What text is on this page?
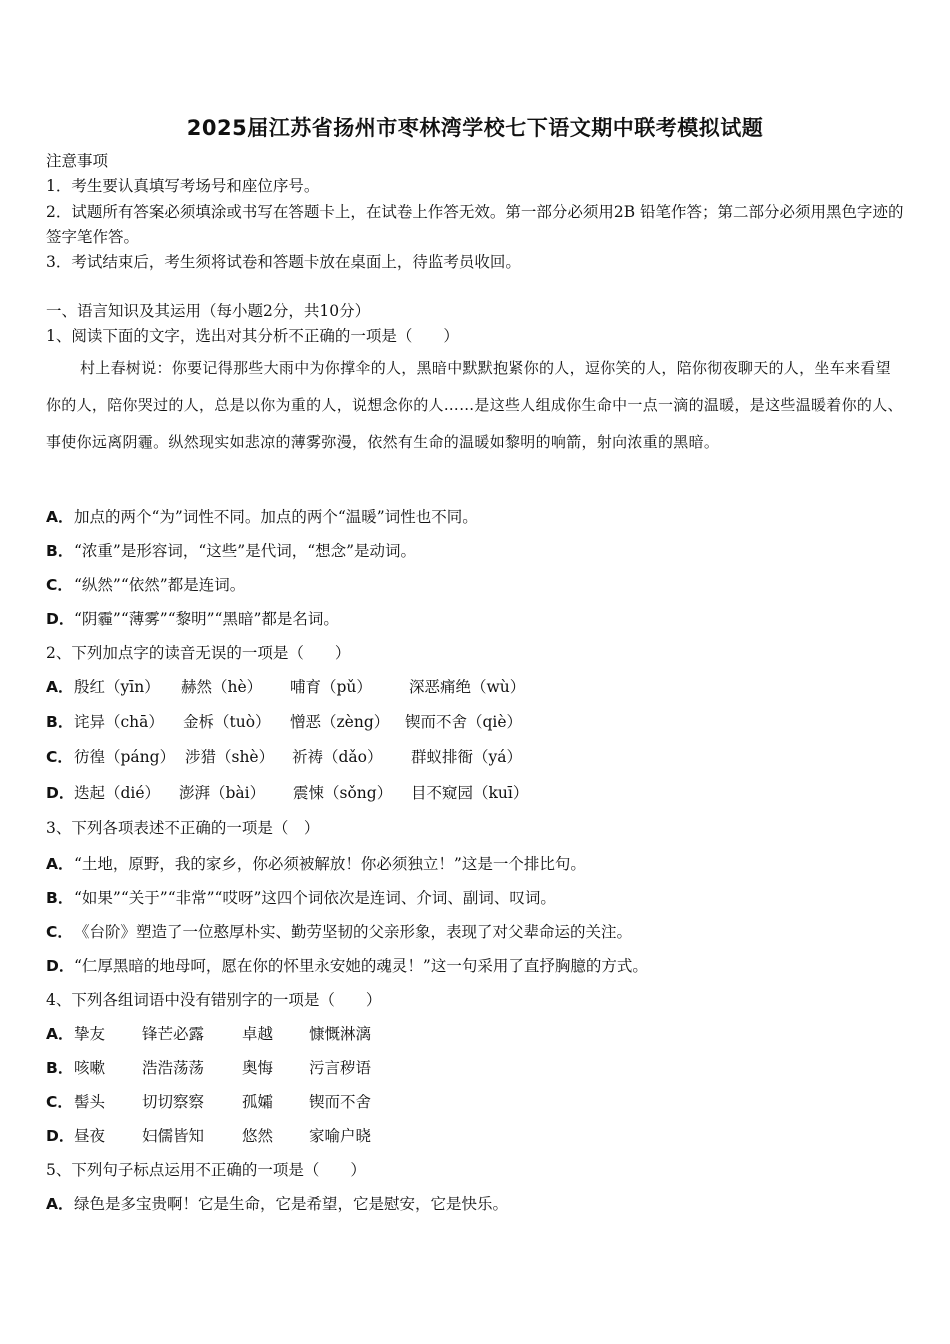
2025届江苏省扬州市枣林湾学校七下语文期中联考模拟试题
注意事项
1．考生要认真填写考场号和座位序号。
2．试题所有答案必须填涂或书写在答题卡上，在试卷上作答无效。第一部分必须用2B 铅笔作答；第二部分必须用黑色字迹的签字笔作答。
3．考试结束后，考生须将试卷和答题卡放在桌面上，待监考员收回。
一、语言知识及其运用（每小题2分，共10分）
1、阅读下面的文字，选出对其分析不正确的一项是（　　）
村上春树说：你要记得那些大雨中为你撑伞的人，黑暗中默默抱紧你的人，逗你笑的人，陪你彻夜聊天的人，坐车来看望你的人，陪你哭过的人，总是以你为重的人，说想念你的人……是这些人组成你生命中一点一滴的温暖，是这些温暖着你的人、事使你远离阴霾。纵然现实如悲凉的薄雾弥漫，依然有生命的温暖如黎明的响箭，射向浓重的黑暗。
A．加点的两个“为”词性不同。加点的两个“温暖”词性也不同。
B．“浓重”是形容词，“这些”是代词，“想念”是动词。
C．“纵然”“依然”都是连词。
D．“阴霾”“薄雾”“黎明”“黑暗”都是名词。
2、下列加点字的读音无误的一项是（　　）
A．殷红（yīn） 赫然（hè） 哺育（pǔ） 深恶痛绝（wù）
B．诧异（chā） 金柝（tuò） 憎恶（zèng） 锲而不舍（qiè）
C．彷徨（páng） 涉猎（shè） 祈祷（dǎo） 群蚁排衙（yá）
D．迭起（dié） 澎湃（bài） 震悚（sǒng） 目不窥园（kuī）
3、下列各项表述不正确的一项是（　）
A．“土地，原野，我的家乡，你必须被解放！你必须独立！”这是一个排比句。
B．“如果”“关于”“非常”“哎呀”这四个词依次是连词、介词、副词、叹词。
C．《台阶》塑造了一位憨厚朴实、勤劳坚韧的父亲形象，表现了对父辈命运的关注。
D．“仁厚黑暗的地母呵，愿在你的怀里永安她的魂灵！”这一句采用了直抒胸臆的方式。
4、下列各组词语中没有错别字的一项是（　　）
A．挚友 锋芒必露 卓越 慷慨淋漓
B．咳嗽 浩浩荡荡 奥悔 污言秽语
C．髻头 切切察察 孤孀 锲而不舍
D．昼夜 妇儒皆知 悠然 家喻户晓
5、下列句子标点运用不正确的一项是（　　）
A．绿色是多宝贵啊！它是生命，它是希望，它是慰安，它是快乐。
